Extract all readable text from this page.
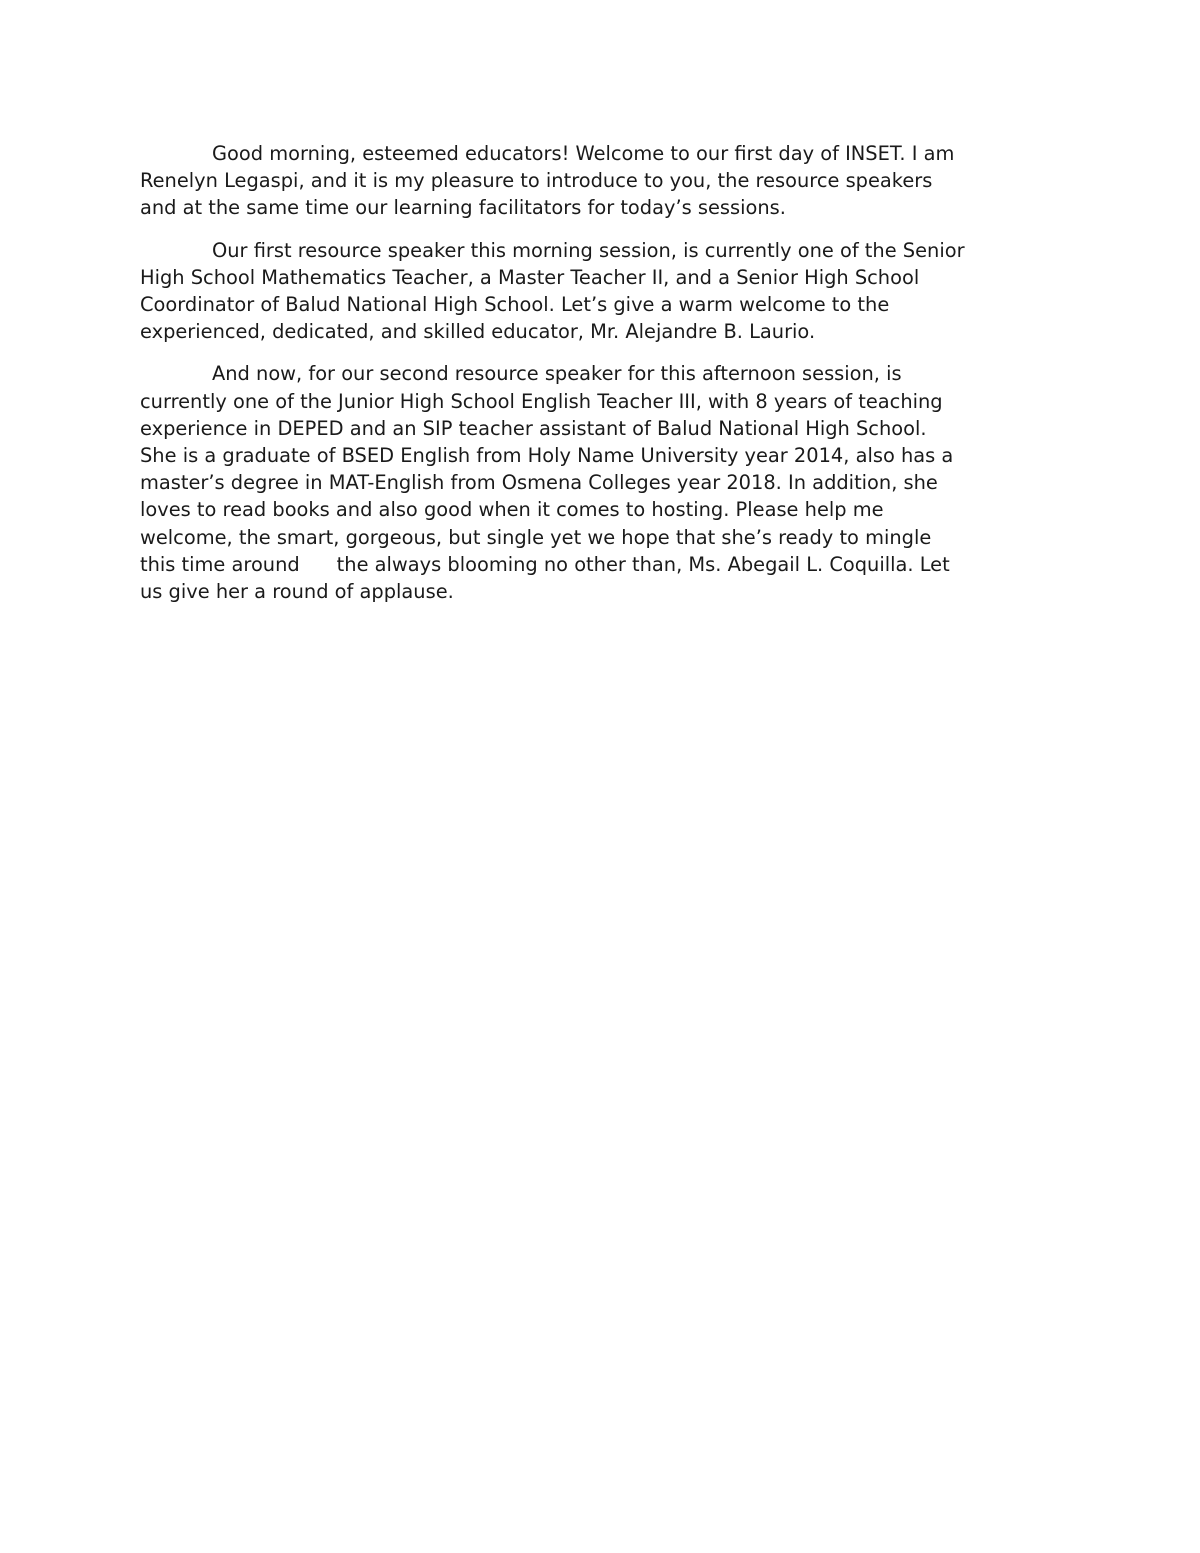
Good morning, esteemed educators! Welcome to our first day of INSET. I am
Renelyn Legaspi, and it is my pleasure to introduce to you, the resource speakers
and at the same time our learning facilitators for today’s sessions.

Our first resource speaker this morning session, is currently one of the Senior
High School Mathematics Teacher, a Master Teacher II, and a Senior High School
Coordinator of Balud National High School. Let’s give a warm welcome to the
experienced, dedicated, and skilled educator, Mr. Alejandre B. Laurio.

And now, for our second resource speaker for this afternoon session, is
currently one of the Junior High School English Teacher III, with 8 years of teaching
experience in DEPED and an SIP teacher assistant of Balud National High School.
She is a graduate of BSED English from Holy Name University year 2014, also has a
master’s degree in MAT-English from Osmena Colleges year 2018. In addition, she
loves to read books and also good when it comes to hosting. Please help me
welcome, the smart, gorgeous, but single yet we hope that she’s ready to mingle
this time around      the always blooming no other than, Ms. Abegail L. Coquilla. Let
us give her a round of applause.
